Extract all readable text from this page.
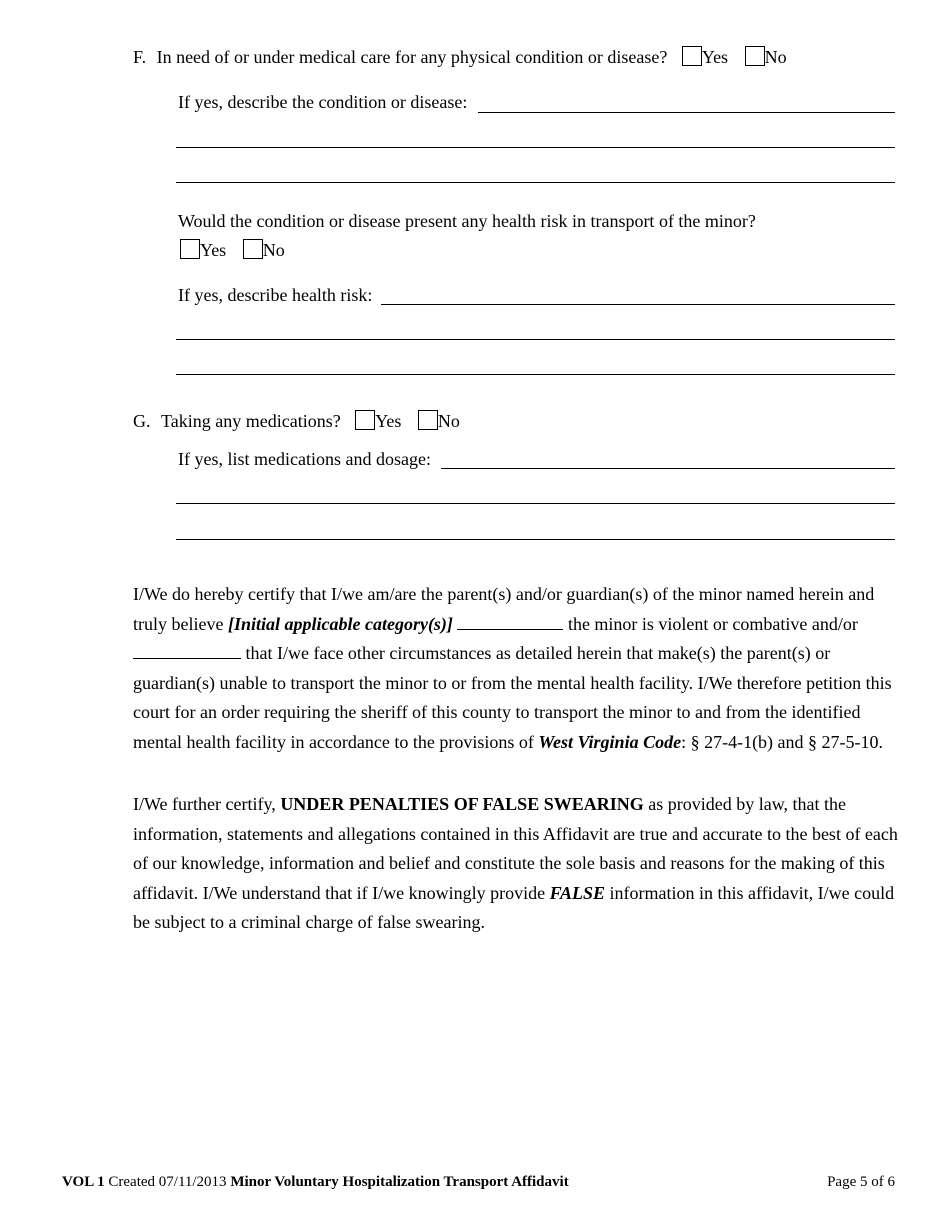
F. In need of or under medical care for any physical condition or disease? Yes No
If yes, describe the condition or disease:
Would the condition or disease present any health risk in transport of the minor?
Yes No
If yes, describe health risk:
G. Taking any medications? Yes No
If yes, list medications and dosage:

I/We do hereby certify that I/we am/are the parent(s) and/or guardian(s) of the minor named herein and truly believe [Initial applicable category(s)]	the minor is violent or combative and/or  that I/we face other circumstances as detailed herein that make(s) the parent(s) or guardian(s) unable to transport the minor to or from the mental health facility. I/We therefore petition this court for an order requiring the sheriff of this county to transport the minor to and from the identified mental health facility in accordance to the provisions of West Virginia Code: § 27-4-1(b) and § 27-5-10.

I/We further certify, UNDER PENALTIES OF FALSE SWEARING as provided by law, that the information, statements and allegations contained in this Affidavit are true and accurate to the best of each of our knowledge, information and belief and constitute the sole basis and reasons for the making of this affidavit. I/We understand that if I/we knowingly provide FALSE information in this affidavit, I/we could be subject to a criminal charge of false swearing.

VOL 1 Created 07/11/2013 Minor Voluntary Hospitalization Transport Affidavit	Page 5 of 6
